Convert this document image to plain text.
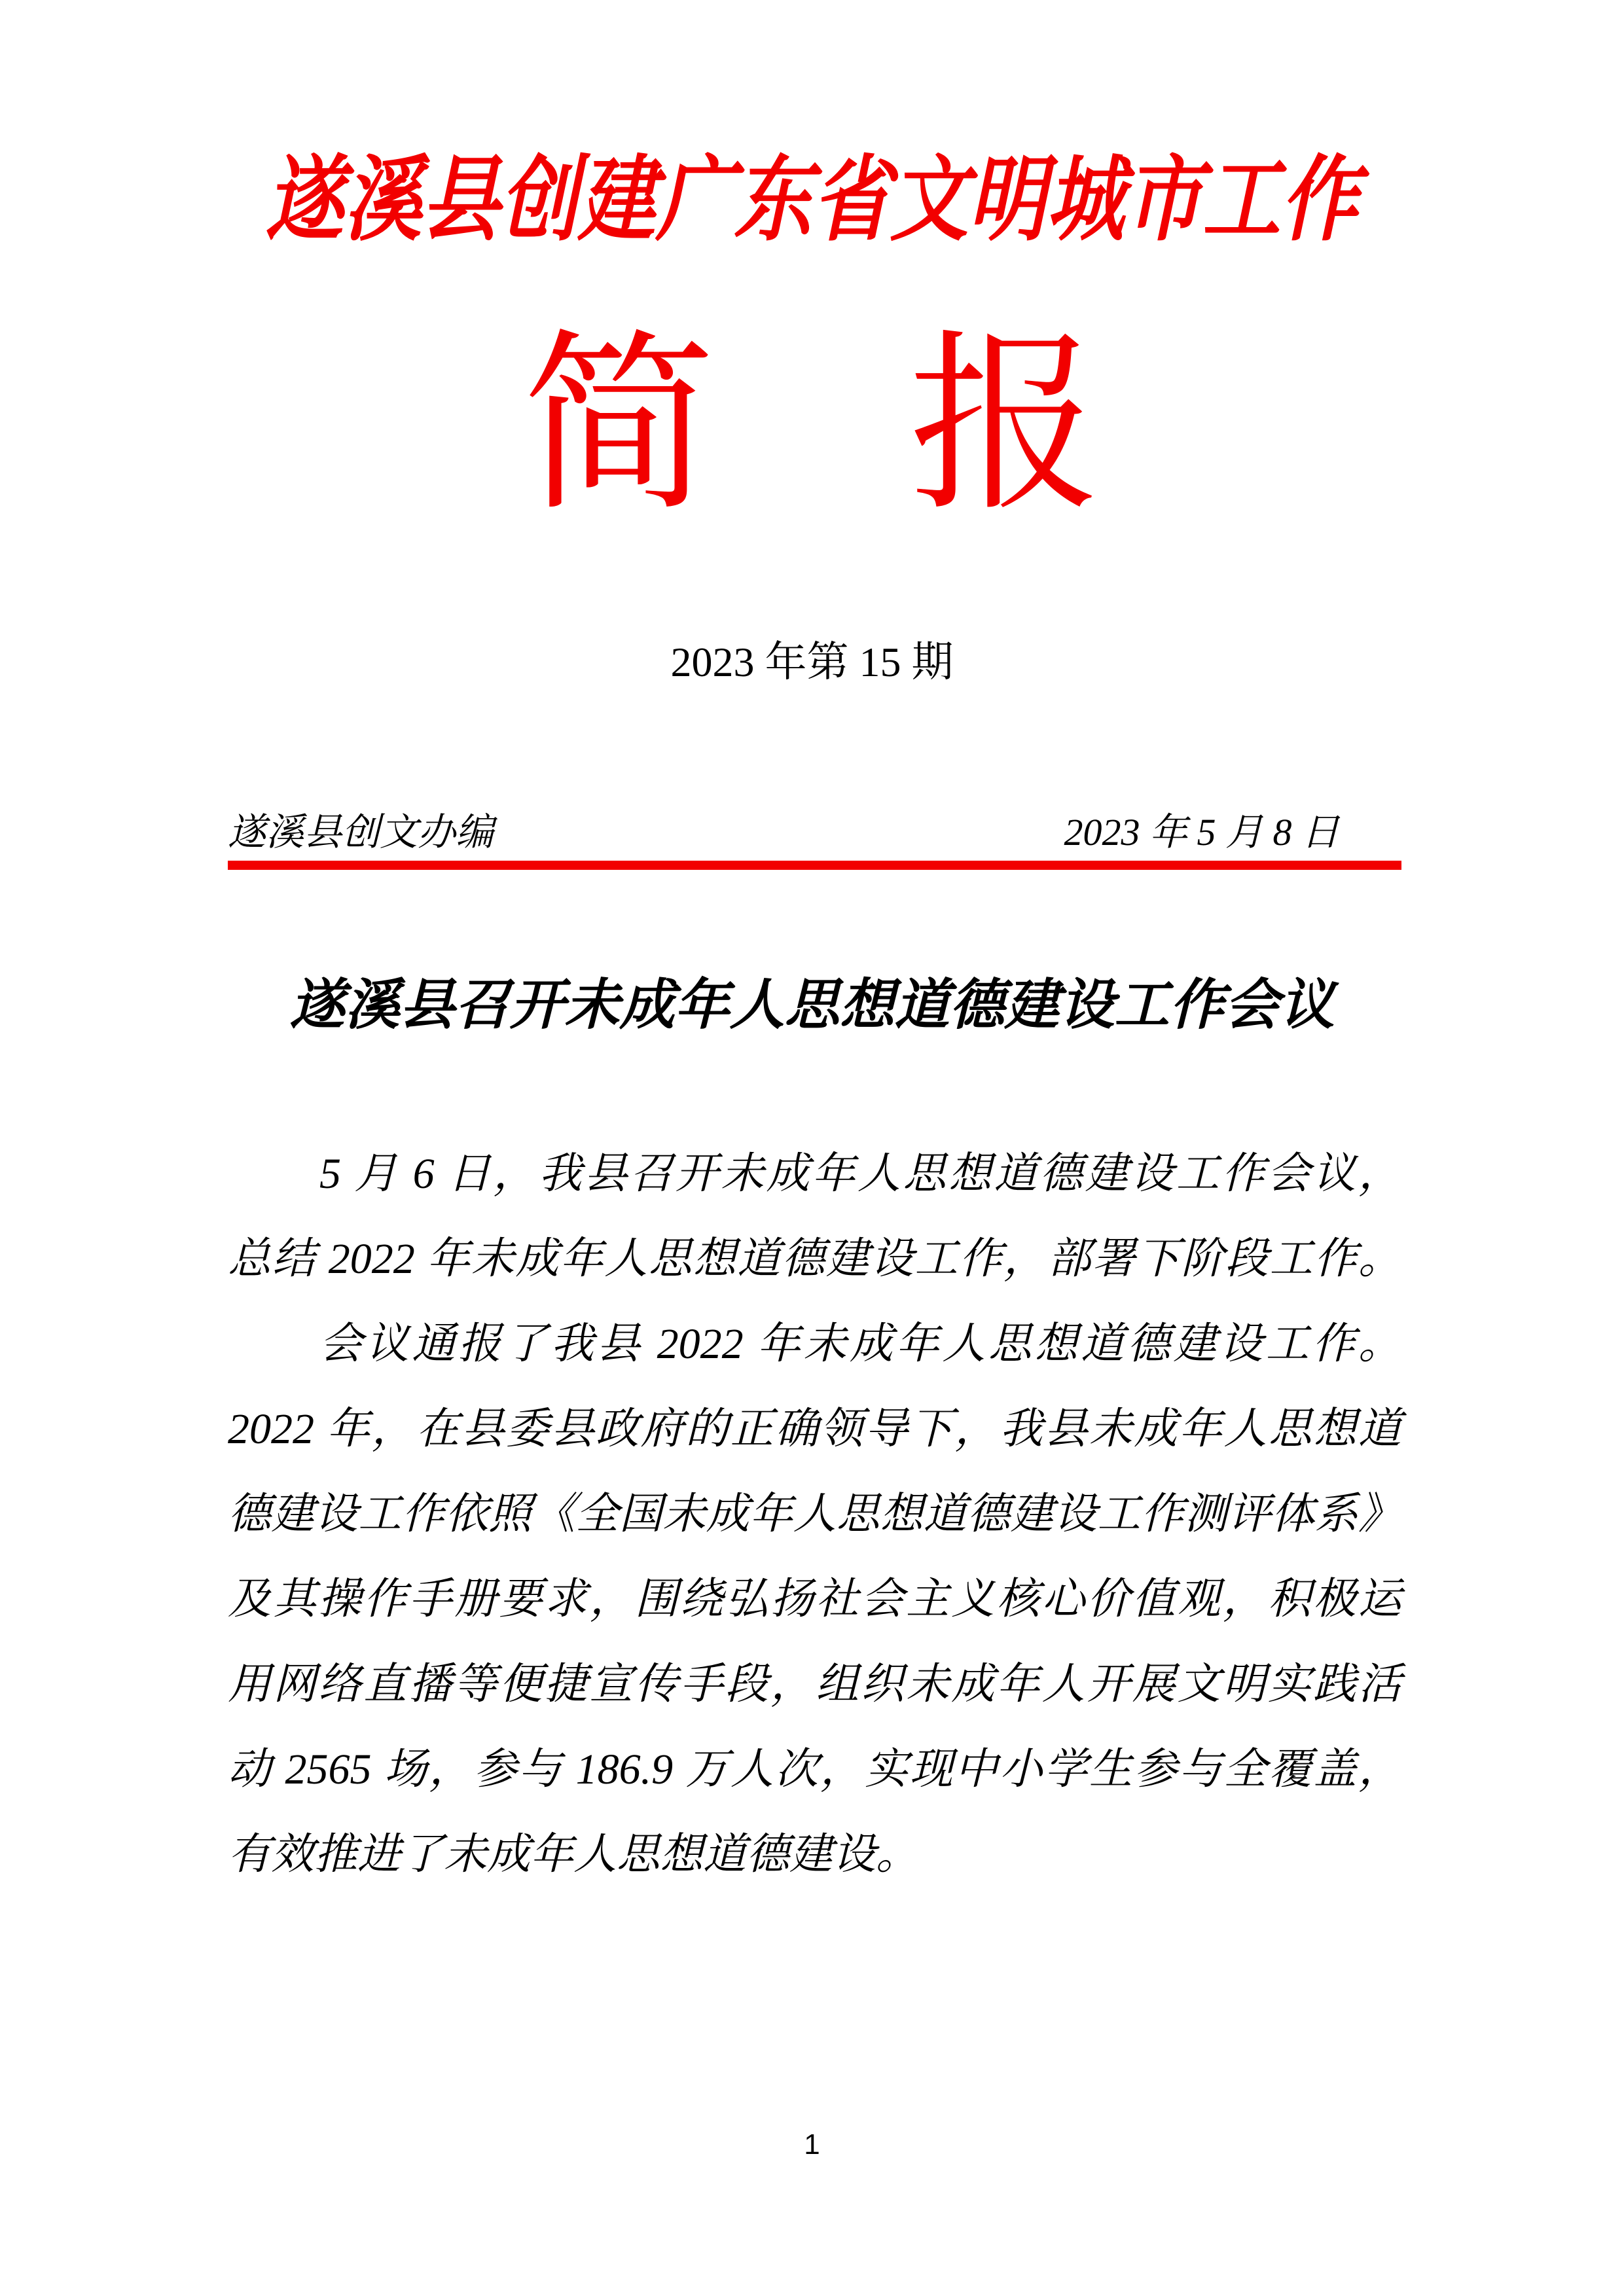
遂溪县创建广东省文明城市工作
简　报
2023 年第 15 期
遂溪县创文办编	2023 年 5 月 8 日
遂溪县召开未成年人思想道德建设工作会议
5 月 6 日，我县召开未成年人思想道德建设工作会议，
总结 2022 年未成年人思想道德建设工作，部署下阶段工作。
会议通报了我县 2022 年未成年人思想道德建设工作。
2022 年，在县委县政府的正确领导下，我县未成年人思想道
德建设工作依照《全国未成年人思想道德建设工作测评体系》
及其操作手册要求，围绕弘扬社会主义核心价值观，积极运
用网络直播等便捷宣传手段，组织未成年人开展文明实践活
动 2565 场，参与 186.9 万人次，实现中小学生参与全覆盖，
有效推进了未成年人思想道德建设。
1
